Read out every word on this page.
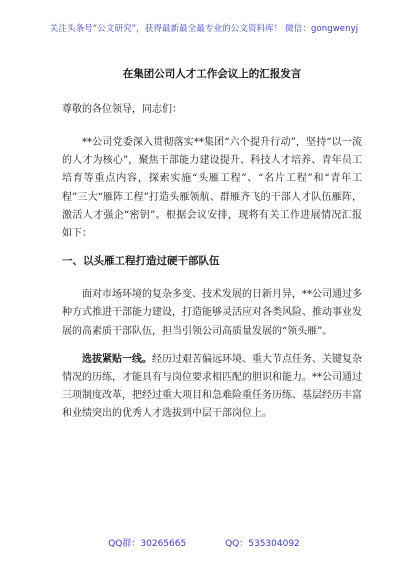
关注头条号“公文研究”，获得最新最全最专业的公文资料库！ 微信：gongwenyj
在集团公司人才工作会议上的汇报发言
尊敬的各位领导，同志们：

**公司党委深入贯彻落实**集团“六个提升行动”，坚持“以一流的人才为核心”，聚焦干部能力建设提升、科技人才培养、青年员工培育等重点内容，探索实施“头雁工程”、“名片工程”和“青年工程”三大“雁阵工程”打造头雁领航、群雁齐飞的干部人才队伍雁阵，激活人才强企“密钥”。根据会议安排，现将有关工作进展情况汇报如下：

一、以头雁工程打造过硬干部队伍

面对市场环境的复杂多变、技术发展的日新月异，**公司通过多种方式推进干部能力建设，打造能够灵活应对各类风险、推动事业发展的高素质干部队伍，担当引领公司高质量发展的“领头雁”。

选拔紧贴一线。经历过艰苦偏远环境、重大节点任务、关键复杂情况的历练，才能具有与岗位要求相匹配的胆识和能力。**公司通过三项制度改革，把经过重大项目和急难险重任务历练、基层经历丰富和业绩突出的优秀人才选拔到中层干部岗位上。

QQ群：30265665	QQ：535304092
